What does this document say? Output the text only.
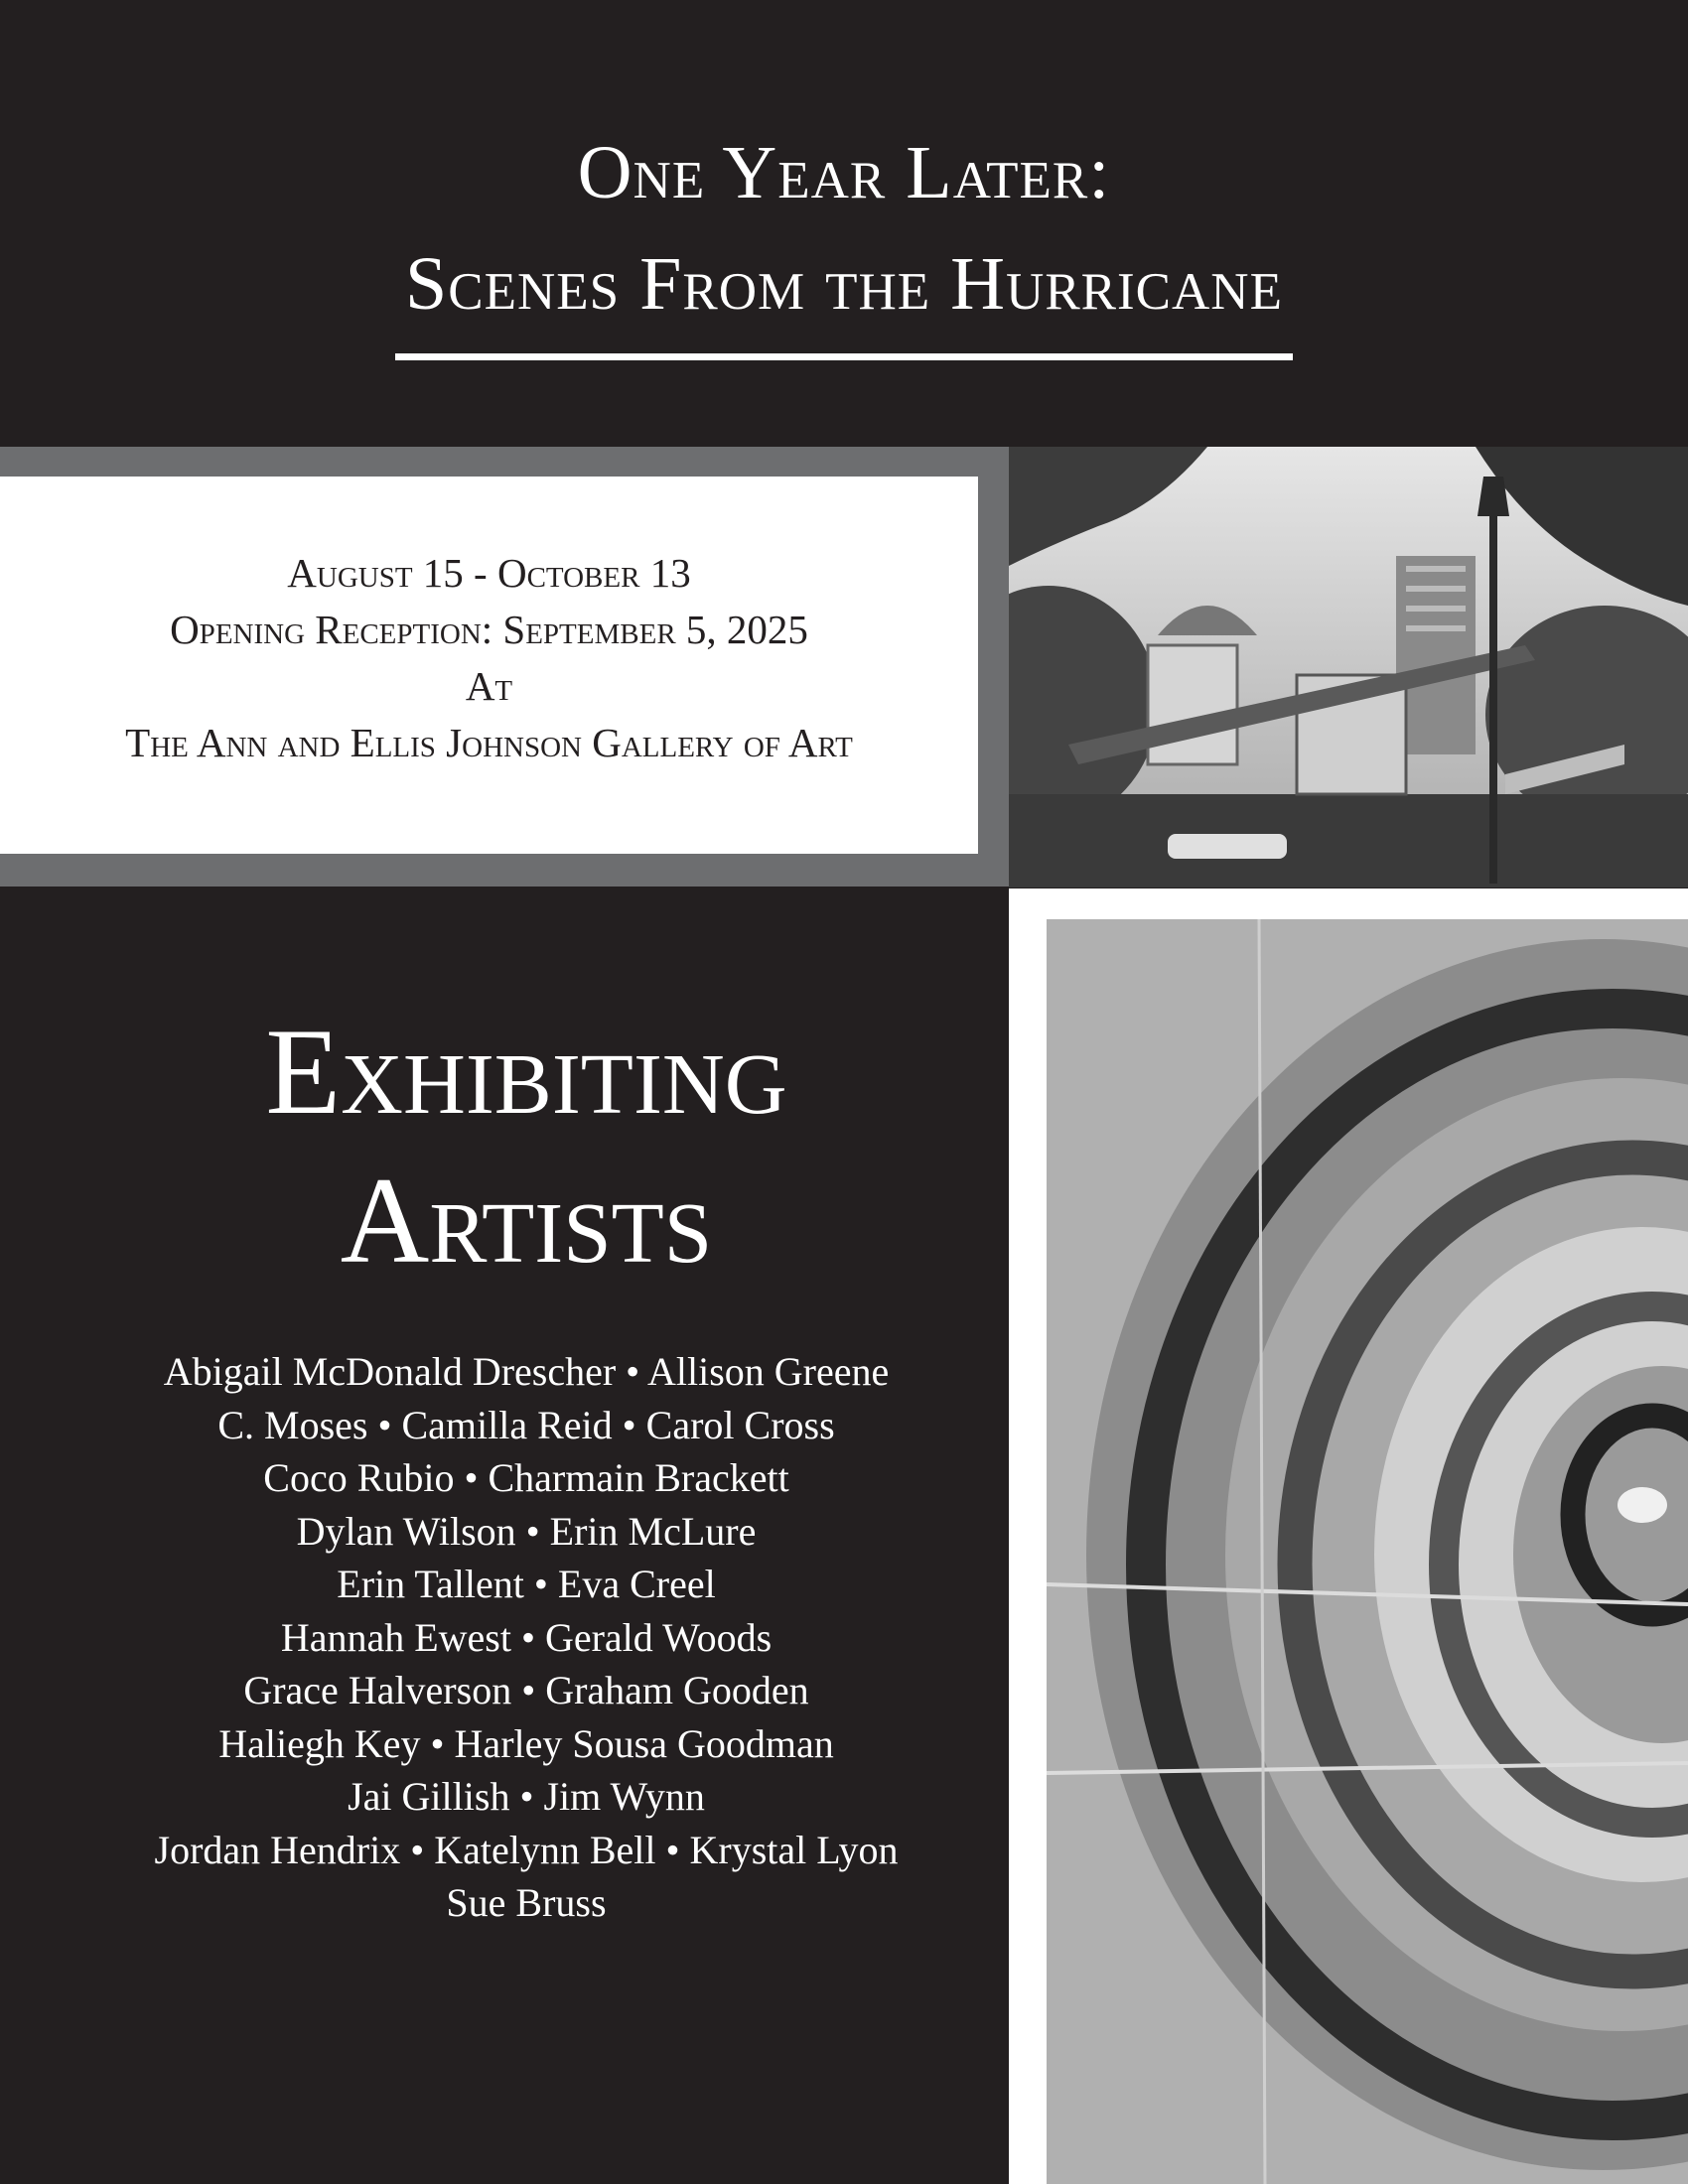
One Year Later:
Scenes From the Hurricane
August 15 - October 13
Opening Reception: September 5, 2025
At
The Ann and Ellis Johnson Gallery of Art
Exhibiting
Artists
Abigail McDonald Drescher • Allison Greene
C. Moses • Camilla Reid • Carol Cross
Coco Rubio • Charmain Brackett
Dylan Wilson • Erin McLure
Erin Tallent • Eva Creel
Hannah Ewest • Gerald Woods
Grace Halverson • Graham Gooden
Haliegh Key • Harley Sousa Goodman
Jai Gillish • Jim Wynn
Jordan Hendrix • Katelynn Bell • Krystal Lyon
Sue Bruss
